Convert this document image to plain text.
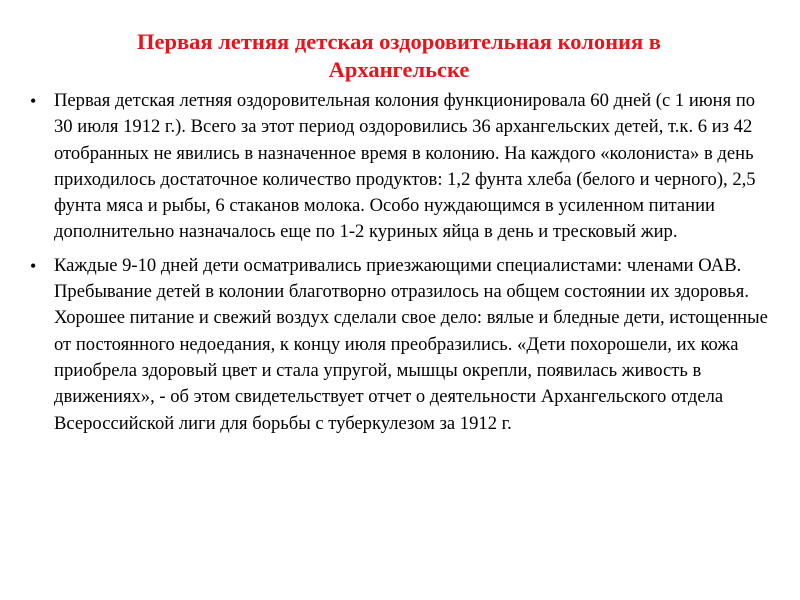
Первая летняя детская оздоровительная колония в Архангельске
• Первая детская летняя оздоровительная колония функционировала 60 дней (с 1 июня по 30 июля 1912 г.). Всего за этот период оздоровились 36 архангельских детей, т.к. 6 из 42 отобранных не явились в назначенное время в колонию. На каждого «колониста» в день приходилось достаточное количество продуктов: 1,2 фунта хлеба (белого и черного), 2,5 фунта мяса и рыбы, 6 стаканов молока. Особо нуждающимся в усиленном питании дополнительно назначалось еще по 1-2 куриных яйца в день и тресковый жир.
• Каждые 9-10 дней дети осматривались приезжающими специалистами: членами ОАВ. Пребывание детей в колонии благотворно отразилось на общем состоянии их здоровья. Хорошее питание и свежий воздух сделали свое дело: вялые и бледные дети, истощенные от постоянного недоедания, к концу июля преобразились. «Дети похорошели, их кожа приобрела здоровый цвет и стала упругой, мышцы окрепли, появилась живость в движениях», - об этом свидетельствует отчет о деятельности Архангельского отдела Всероссийской лиги для борьбы с туберкулезом за 1912 г.
